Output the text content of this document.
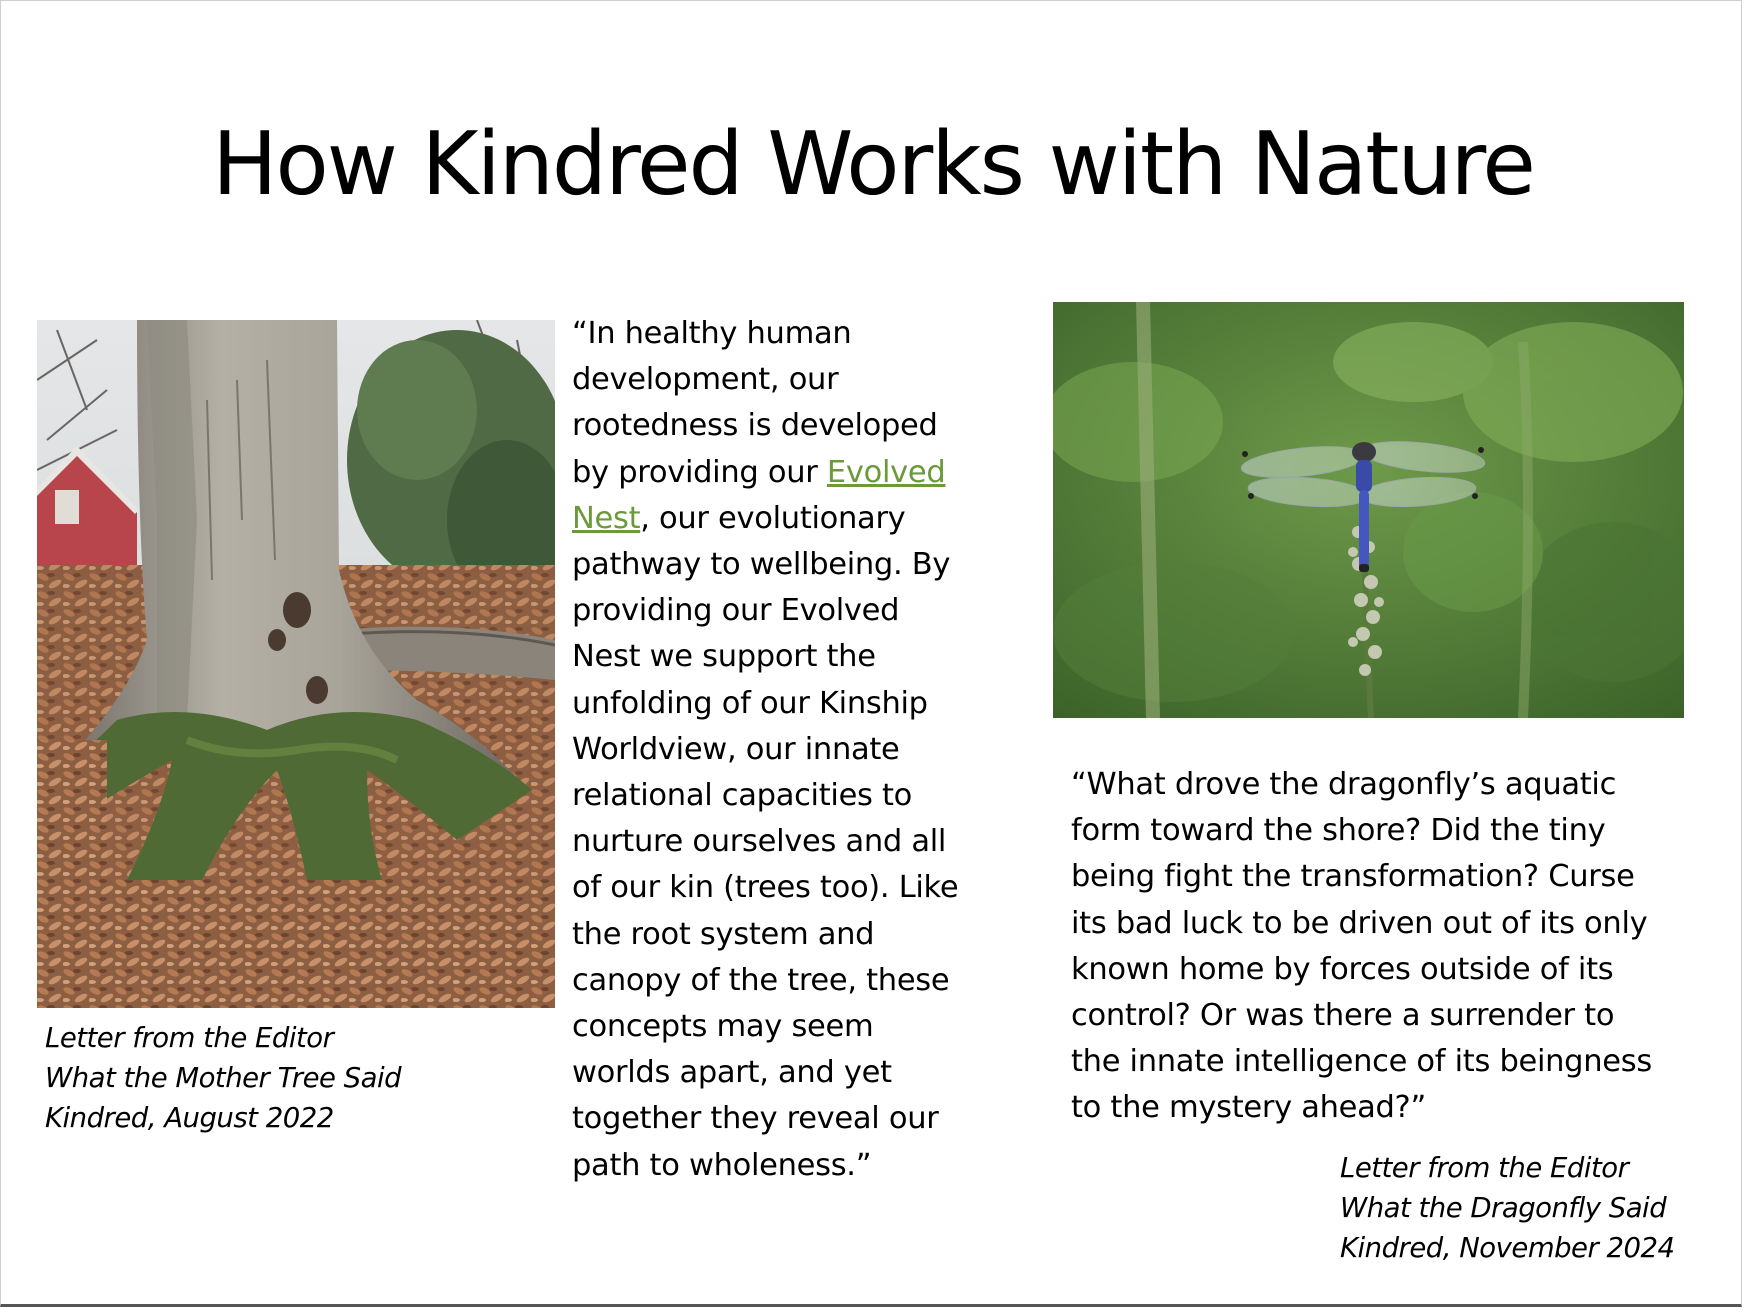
How Kindred Works with Nature
Letter from the Editor
What the Mother Tree Said
Kindred, August 2022
“In healthy human
development, our
rootedness is developed
by providing our Evolved
Nest, our evolutionary
pathway to wellbeing. By
providing our Evolved
Nest we support the
unfolding of our Kinship
Worldview, our innate
relational capacities to
nurture ourselves and all
of our kin (trees too). Like
the root system and
canopy of the tree, these
concepts may seem
worlds apart, and yet
together they reveal our
path to wholeness.”
“What drove the dragonfly’s aquatic
form toward the shore? Did the tiny
being fight the transformation? Curse
its bad luck to be driven out of its only
known home by forces outside of its
control? Or was there a surrender to
the innate intelligence of its beingness
to the mystery ahead?”
Letter from the Editor
What the Dragonfly Said
Kindred, November 2024
